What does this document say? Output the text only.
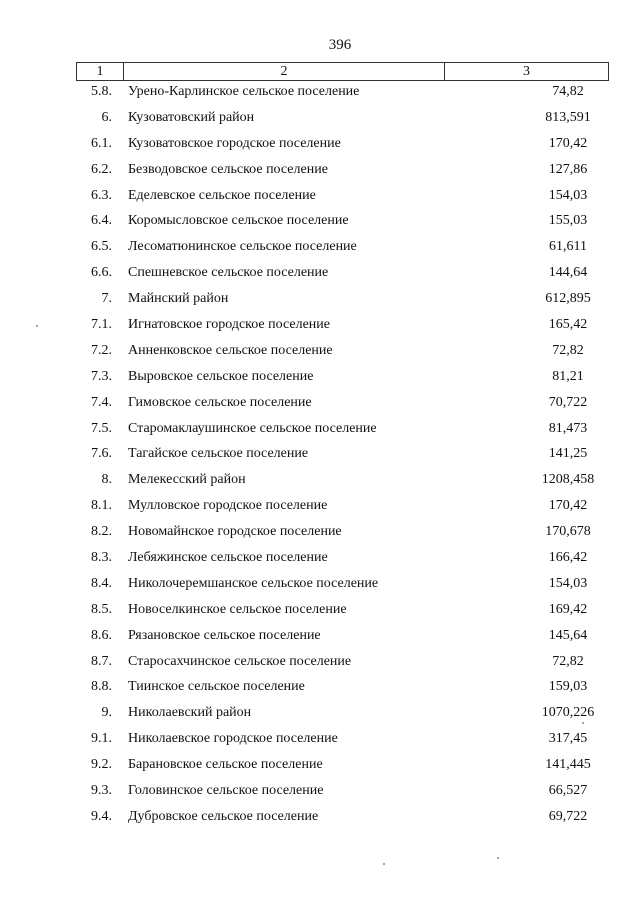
396
1	2	3
5.8. Урено-Карлинское сельское поселение	74,82
6. Кузоватовский район	813,591
6.1. Кузоватовское городское поселение	170,42
6.2. Безводовское сельское поселение	127,86
6.3. Еделевское сельское поселение	154,03
6.4. Коромысловское сельское поселение	155,03
6.5. Лесоматюнинское сельское поселение	61,611
6.6. Спешневское сельское поселение	144,64
7. Майнский район	612,895
7.1. Игнатовское городское поселение	165,42
7.2. Анненковское сельское поселение	72,82
7.3. Выровское сельское поселение	81,21
7.4. Гимовское сельское поселение	70,722
7.5. Старомаклаушинское сельское поселение	81,473
7.6. Тагайское сельское поселение	141,25
8. Мелекесский район	1208,458
8.1. Мулловское городское поселение	170,42
8.2. Новомайнское городское поселение	170,678
8.3. Лебяжинское сельское поселение	166,42
8.4. Николочеремшанское сельское поселение	154,03
8.5. Новоселкинское сельское поселение	169,42
8.6. Рязановское сельское поселение	145,64
8.7. Старосахчинское сельское поселение	72,82
8.8. Тиинское сельское поселение	159,03
9. Николаевский район	1070,226
9.1. Николаевское городское поселение	317,45
9.2. Барановское сельское поселение	141,445
9.3. Головинское сельское поселение	66,527
9.4. Дубровское сельское поселение	69,722
